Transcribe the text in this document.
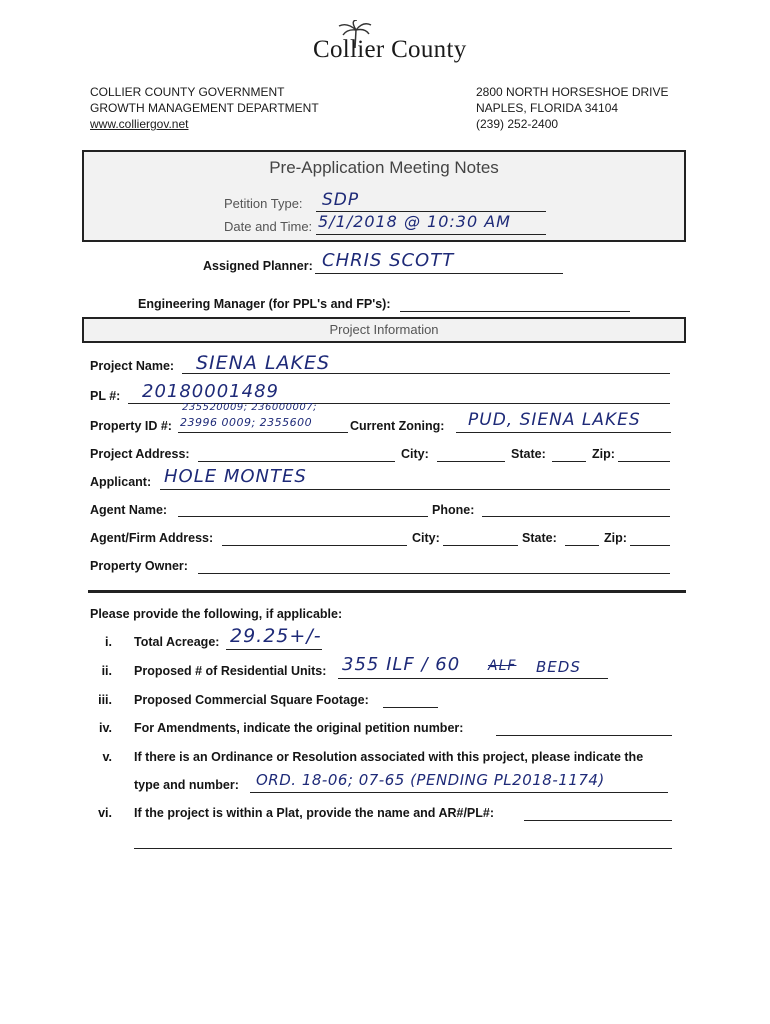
Collier County
COLLIER COUNTY GOVERNMENT
GROWTH MANAGEMENT DEPARTMENT
www.colliergov.net
2800 NORTH HORSESHOE DRIVE
NAPLES, FLORIDA 34104
(239) 252-2400
Pre-Application Meeting Notes
Petition Type: SDP
Date and Time: 5/1/2018 @ 10:30 AM
Assigned Planner: CHRIS SCOTT
Engineering Manager (for PPL's and FP's):
Project Information
Project Name: SIENA LAKES
PL #: 20180001489
235520009; 236000007;
Property ID #: 23996 0009; 2355600	Current Zoning: PUD, SIENA LAKES
Project Address:	City:	State:	Zip:
Applicant: HOLE MONTES
Agent Name:	Phone:
Agent/Firm Address:	City:	State:	Zip:
Property Owner:
Please provide the following, if applicable:
i. Total Acreage: 29.25+/-
ii. Proposed # of Residential Units: 355 ILF / 60 ALF BEDS
iii. Proposed Commercial Square Footage:
iv. For Amendments, indicate the original petition number:
v. If there is an Ordinance or Resolution associated with this project, please indicate the
type and number: ORD. 18-06; 07-65 (PENDING PL2018-1174)
vi. If the project is within a Plat, provide the name and AR#/PL#:
